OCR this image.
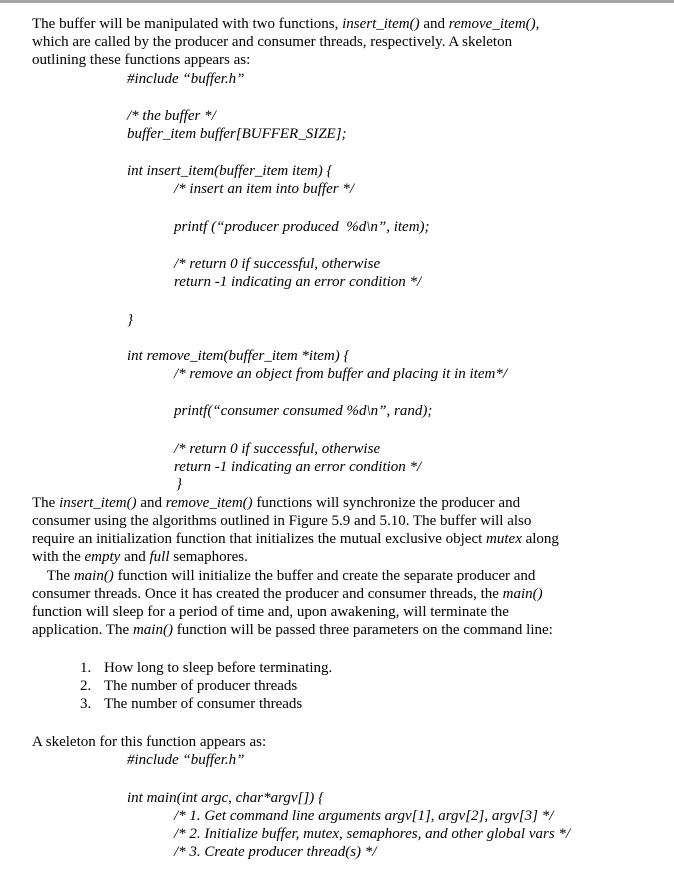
The buffer will be manipulated with two functions, insert_item() and remove_item(),
which are called by the producer and consumer threads, respectively. A skeleton
outlining these functions appears as:
#include “buffer.h”
/* the buffer */
buffer_item buffer[BUFFER_SIZE];
int insert_item(buffer_item item) {
/* insert an item into buffer */
printf (“producer produced  %d\n”, item);
/* return 0 if successful, otherwise
return -1 indicating an error condition */
}
int remove_item(buffer_item *item) {
/* remove an object from buffer and placing it in item*/
printf(“consumer consumed %d\n”, rand);
/* return 0 if successful, otherwise
return -1 indicating an error condition */
}
The insert_item() and remove_item() functions will synchronize the producer and
consumer using the algorithms outlined in Figure 5.9 and 5.10. The buffer will also
require an initialization function that initializes the mutual exclusive object mutex along
with the empty and full semaphores.
The main() function will initialize the buffer and create the separate producer and
consumer threads. Once it has created the producer and consumer threads, the main()
function will sleep for a period of time and, upon awakening, will terminate the
application. The main() function will be passed three parameters on the command line:
1. How long to sleep before terminating.
2. The number of producer threads
3. The number of consumer threads
A skeleton for this function appears as:
#include “buffer.h”
int main(int argc, char*argv[]) {
/* 1. Get command line arguments argv[1], argv[2], argv[3] */
/* 2. Initialize buffer, mutex, semaphores, and other global vars */
/* 3. Create producer thread(s) */
